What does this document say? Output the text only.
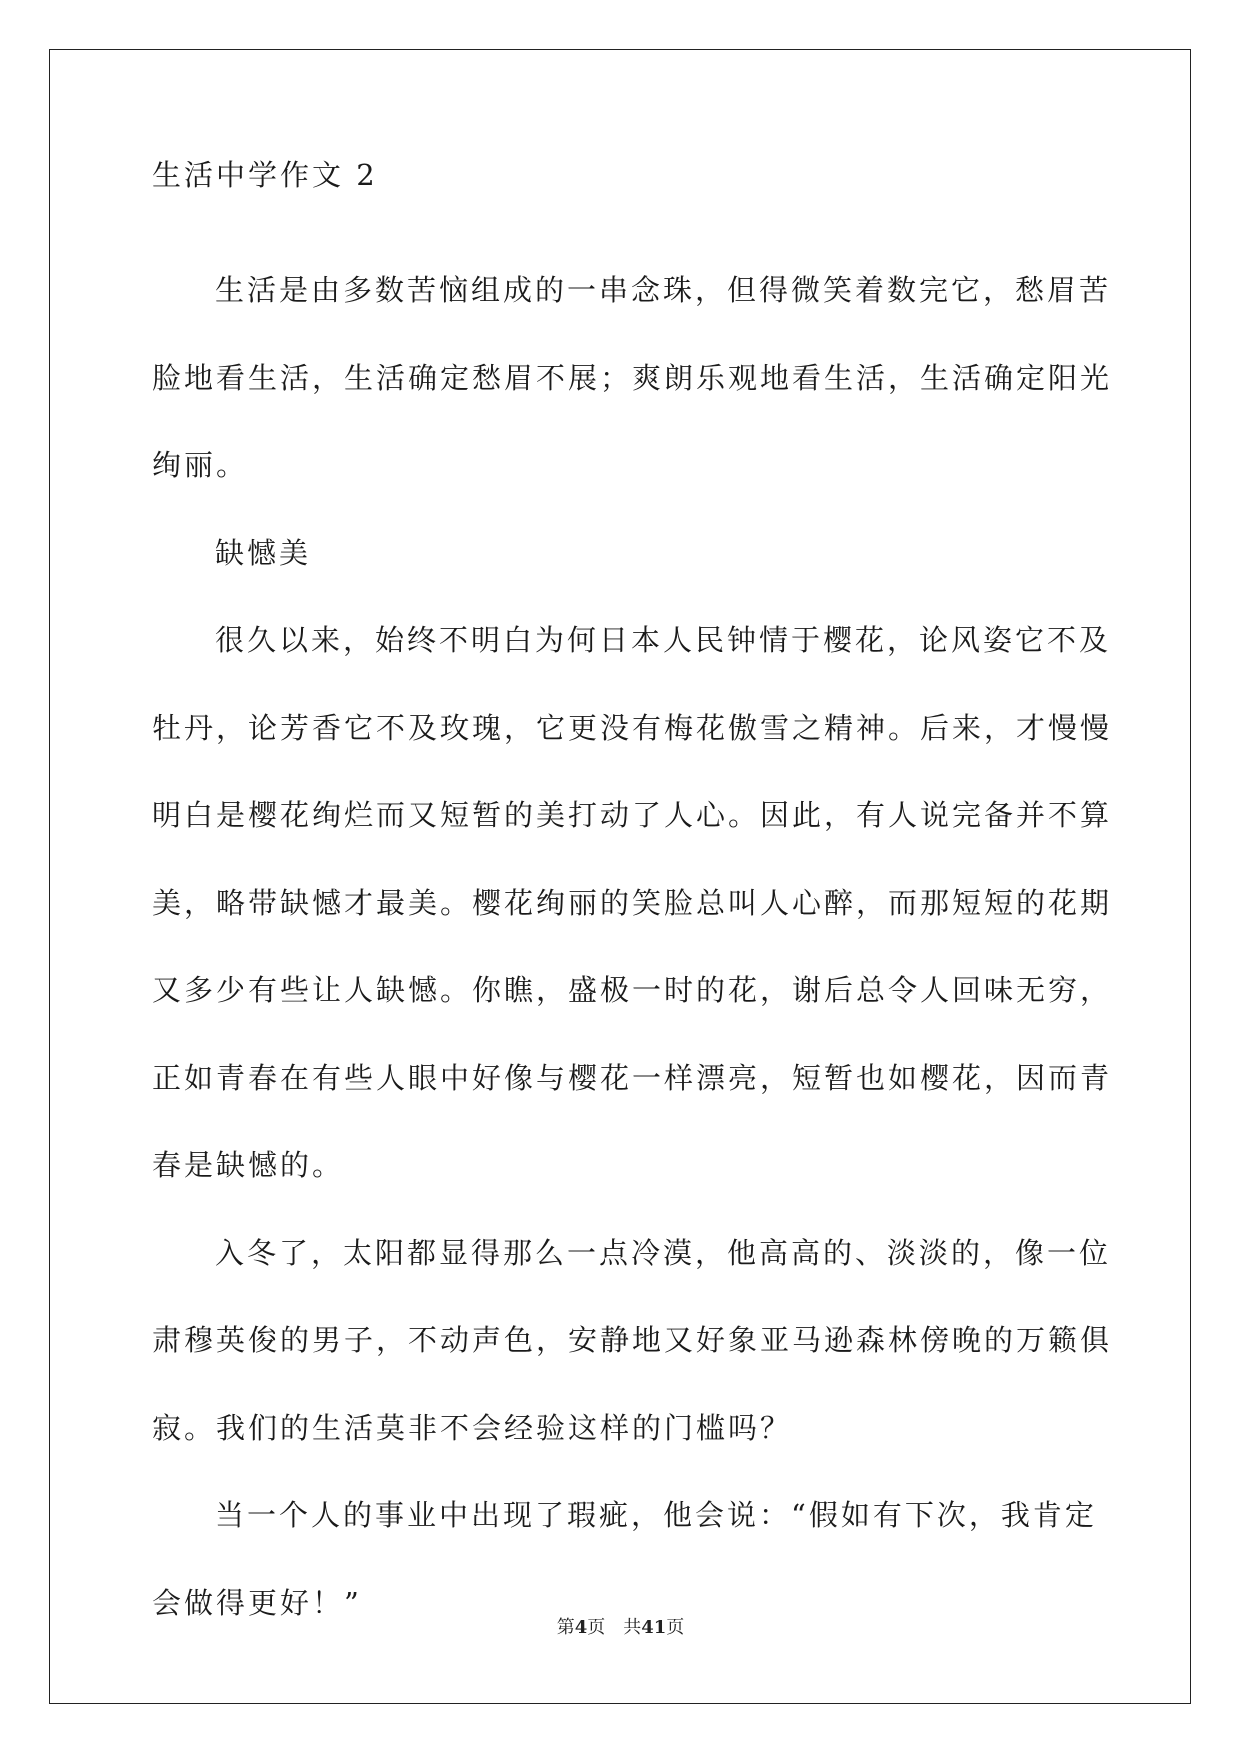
生活中学作文 2

生活是由多数苦恼组成的一串念珠，但得微笑着数完它，愁眉苦

脸地看生活，生活确定愁眉不展；爽朗乐观地看生活，生活确定阳光

绚丽。

缺憾美

很久以来，始终不明白为何日本人民钟情于樱花，论风姿它不及

牡丹，论芳香它不及玫瑰，它更没有梅花傲雪之精神。后来，才慢慢

明白是樱花绚烂而又短暂的美打动了人心。因此，有人说完备并不算

美，略带缺憾才最美。樱花绚丽的笑脸总叫人心醉，而那短短的花期

又多少有些让人缺憾。你瞧，盛极一时的花，谢后总令人回味无穷，

正如青春在有些人眼中好像与樱花一样漂亮，短暂也如樱花，因而青

春是缺憾的。

入冬了，太阳都显得那么一点冷漠，他高高的、淡淡的，像一位

肃穆英俊的男子，不动声色，安静地又好象亚马逊森林傍晚的万籁俱

寂。我们的生活莫非不会经验这样的门槛吗？

当一个人的事业中出现了瑕疵，他会说：“假如有下次，我肯定

会做得更好！”

第4页 共41页
